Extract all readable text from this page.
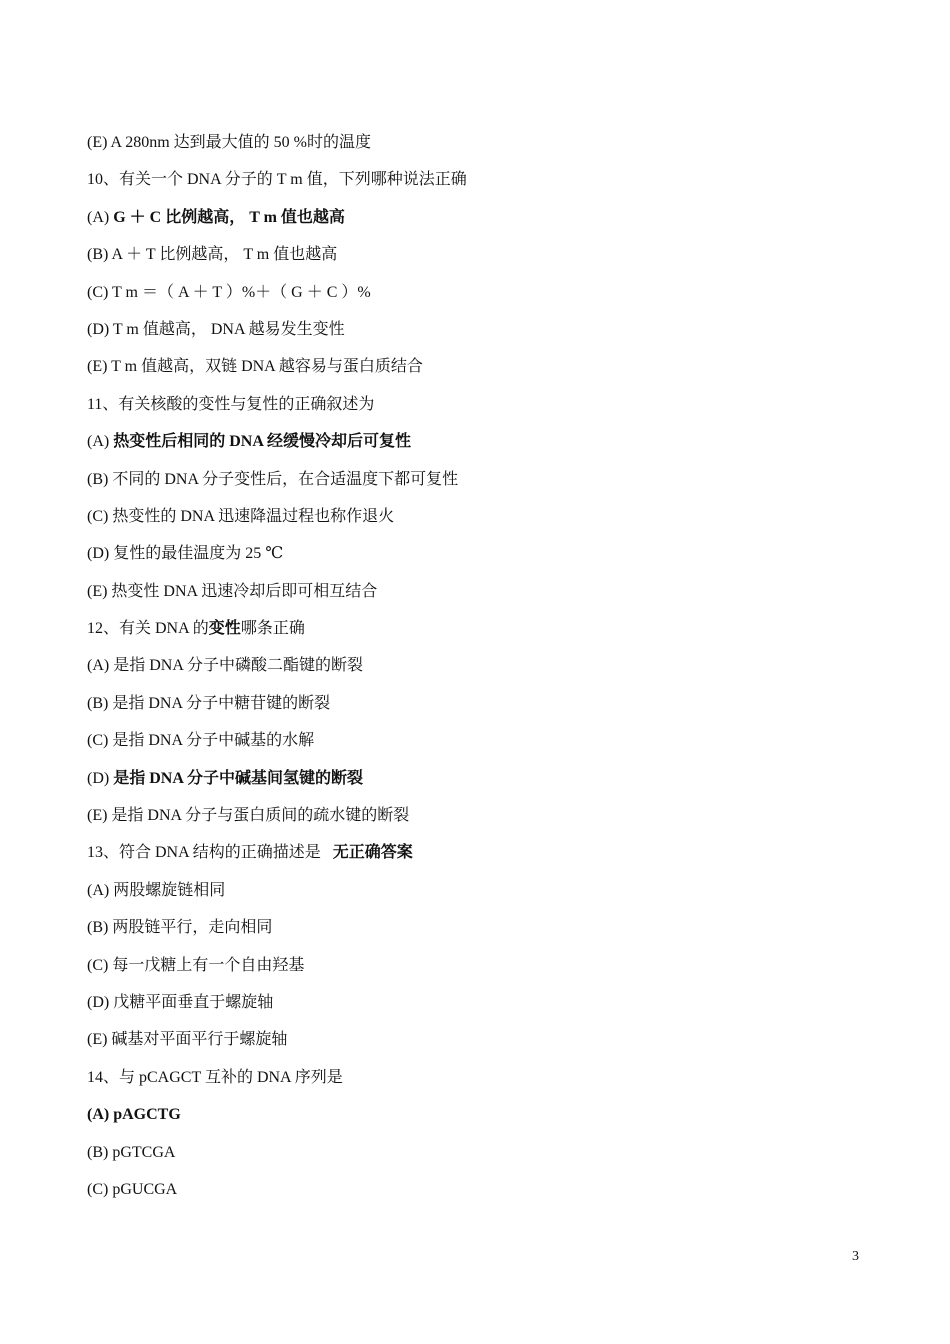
(E) A 280nm 达到最大值的 50 %时的温度
10、有关一个 DNA 分子的 T m 值，下列哪种说法正确
(A) G ＋ C 比例越高， T m 值也越高
(B) A ＋ T 比例越高， T m 值也越高
(C) T m ＝（ A ＋ T ）%＋（ G ＋ C ）%
(D) T m 值越高， DNA 越易发生变性
(E) T m 值越高，双链 DNA 越容易与蛋白质结合
11、有关核酸的变性与复性的正确叙述为
(A) 热变性后相同的 DNA 经缓慢冷却后可复性
(B) 不同的 DNA 分子变性后，在合适温度下都可复性
(C) 热变性的 DNA 迅速降温过程也称作退火
(D) 复性的最佳温度为 25 ℃
(E) 热变性 DNA 迅速冷却后即可相互结合
12、有关 DNA 的变性哪条正确
(A) 是指 DNA 分子中磷酸二酯键的断裂
(B) 是指 DNA 分子中糖苷键的断裂
(C) 是指 DNA 分子中碱基的水解
(D) 是指 DNA 分子中碱基间氢键的断裂
(E) 是指 DNA 分子与蛋白质间的疏水键的断裂
13、符合 DNA 结构的正确描述是   无正确答案
(A) 两股螺旋链相同
(B) 两股链平行，走向相同
(C) 每一戊糖上有一个自由羟基
(D) 戊糖平面垂直于螺旋轴
(E) 碱基对平面平行于螺旋轴
14、与 pCAGCT 互补的 DNA 序列是
(A) pAGCTG
(B) pGTCGA
(C) pGUCGA
3
